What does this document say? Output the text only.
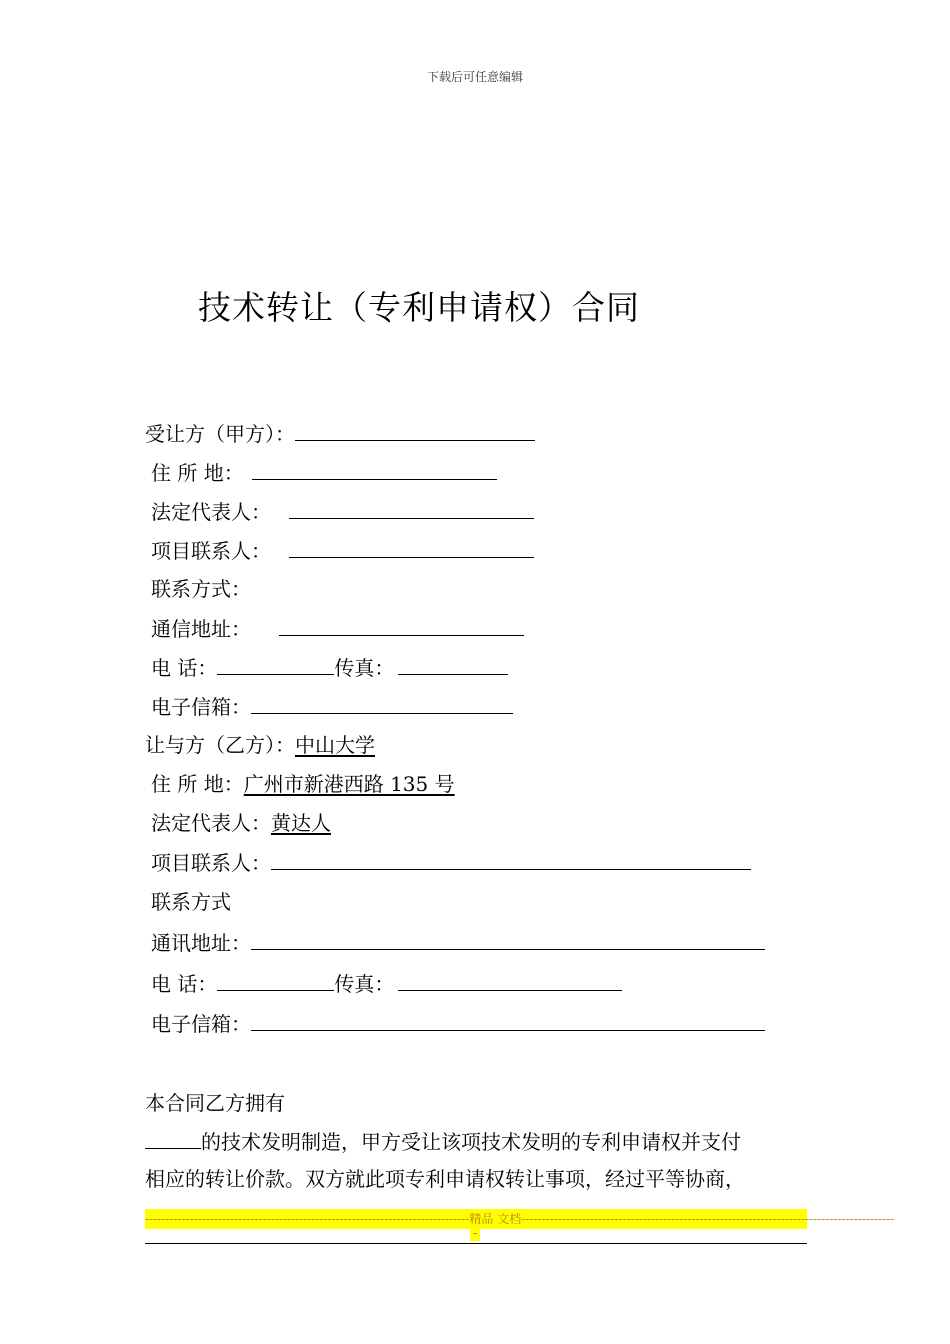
下载后可任意编辑
技术转让（专利申请权）合同
受让方（甲方）：
住 所 地：
法定代表人：
项目联系人：
联系方式：
通信地址：
电 话：	传真：
电子信箱：
让与方（乙方）：中山大学
住 所 地：广州市新港西路 135 号
法定代表人：黄达人
项目联系人：
联系方式
通讯地址：
电 话：	传真：
电子信箱：
本合同乙方拥有
的技术发明制造，甲方受让该项技术发明的专利申请权并支付
相应的转让价款。双方就此项专利申请权转让事项，经过平等协商，
--------------------------------------------------------------------------------精品 文档--------------------------------------------------------------------------------------------
-
